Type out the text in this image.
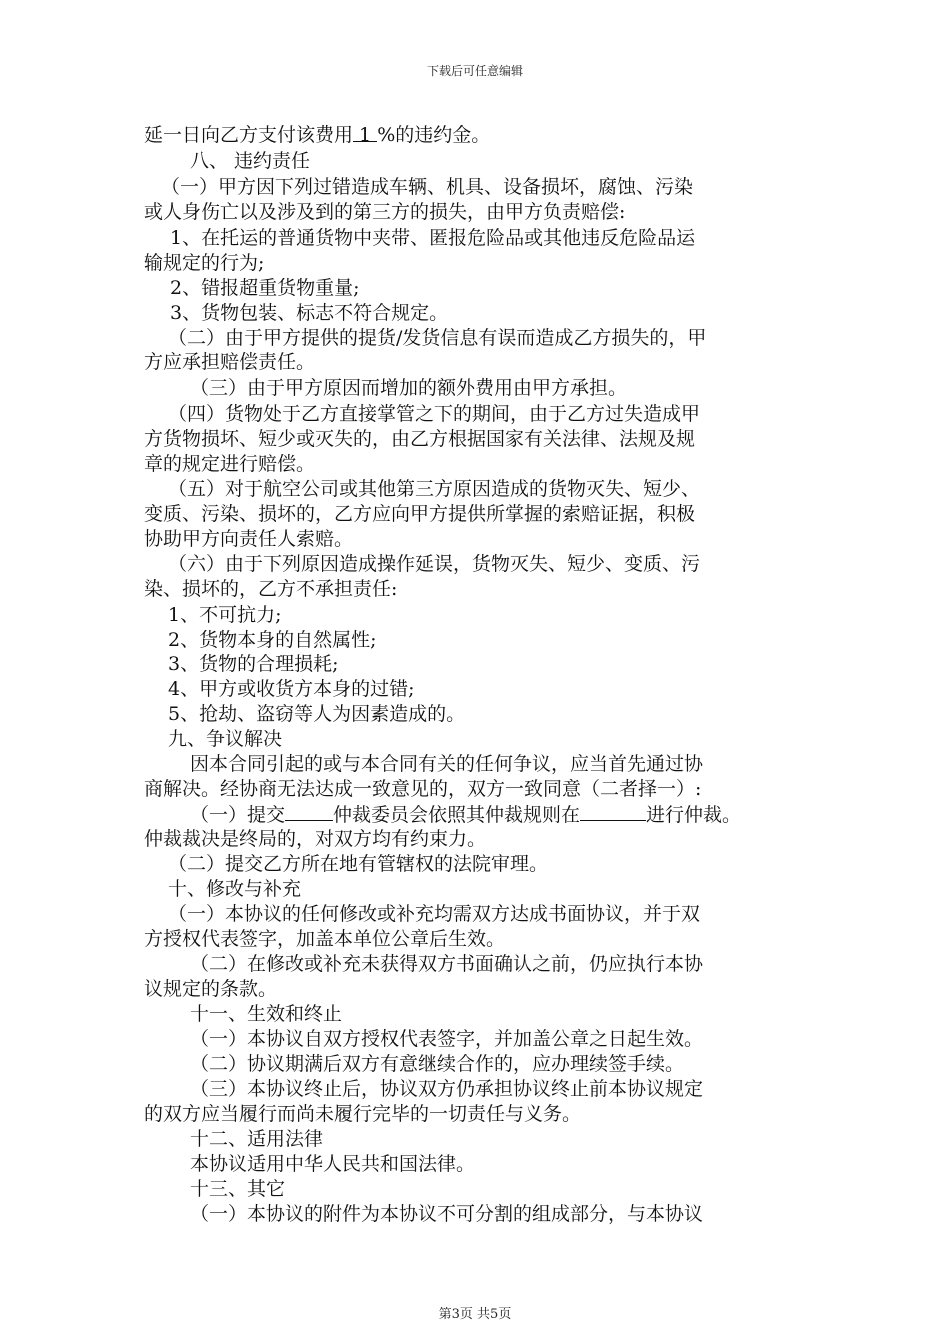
下载后可任意编辑
延一日向乙方支付该费用 1 %的违约金。
八、 违约责任
（一）甲方因下列过错造成车辆、机具、设备损坏，腐蚀、污染
或人身伤亡以及涉及到的第三方的损失，由甲方负责赔偿:
1、在托运的普通货物中夹带、匿报危险品或其他违反危险品运
输规定的行为;
2、错报超重货物重量;
3、货物包装、标志不符合规定。
（二）由于甲方提供的提货/发货信息有误而造成乙方损失的，甲
方应承担赔偿责任。
（三）由于甲方原因而增加的额外费用由甲方承担。
（四）货物处于乙方直接掌管之下的期间，由于乙方过失造成甲
方货物损坏、短少或灭失的，由乙方根据国家有关法律、法规及规
章的规定进行赔偿。
（五）对于航空公司或其他第三方原因造成的货物灭失、短少、
变质、污染、损坏的，乙方应向甲方提供所掌握的索赔证据，积极
协助甲方向责任人索赔。
（六）由于下列原因造成操作延误，货物灭失、短少、变质、污
染、损坏的，乙方不承担责任:
1、不可抗力;
2、货物本身的自然属性;
3、货物的合理损耗;
4、甲方或收货方本身的过错;
5、抢劫、盗窃等人为因素造成的。
九、争议解决
因本合同引起的或与本合同有关的任何争议，应当首先通过协
商解决。经协商无法达成一致意见的，双方一致同意（二者择一）:
（一）提交	仲裁委员会依照其仲裁规则在	进行仲裁。
仲裁裁决是终局的，对双方均有约束力。
（二）提交乙方所在地有管辖权的法院审理。
十、修改与补充
（一）本协议的任何修改或补充均需双方达成书面协议，并于双
方授权代表签字，加盖本单位公章后生效。
（二）在修改或补充未获得双方书面确认之前，仍应执行本协
议规定的条款。
十一、生效和终止
（一）本协议自双方授权代表签字，并加盖公章之日起生效。
（二）协议期满后双方有意继续合作的，应办理续签手续。
（三）本协议终止后，协议双方仍承担协议终止前本协议规定
的双方应当履行而尚未履行完毕的一切责任与义务。
十二、适用法律
本协议适用中华人民共和国法律。
十三、其它
（一）本协议的附件为本协议不可分割的组成部分，与本协议
第3页 共5页
